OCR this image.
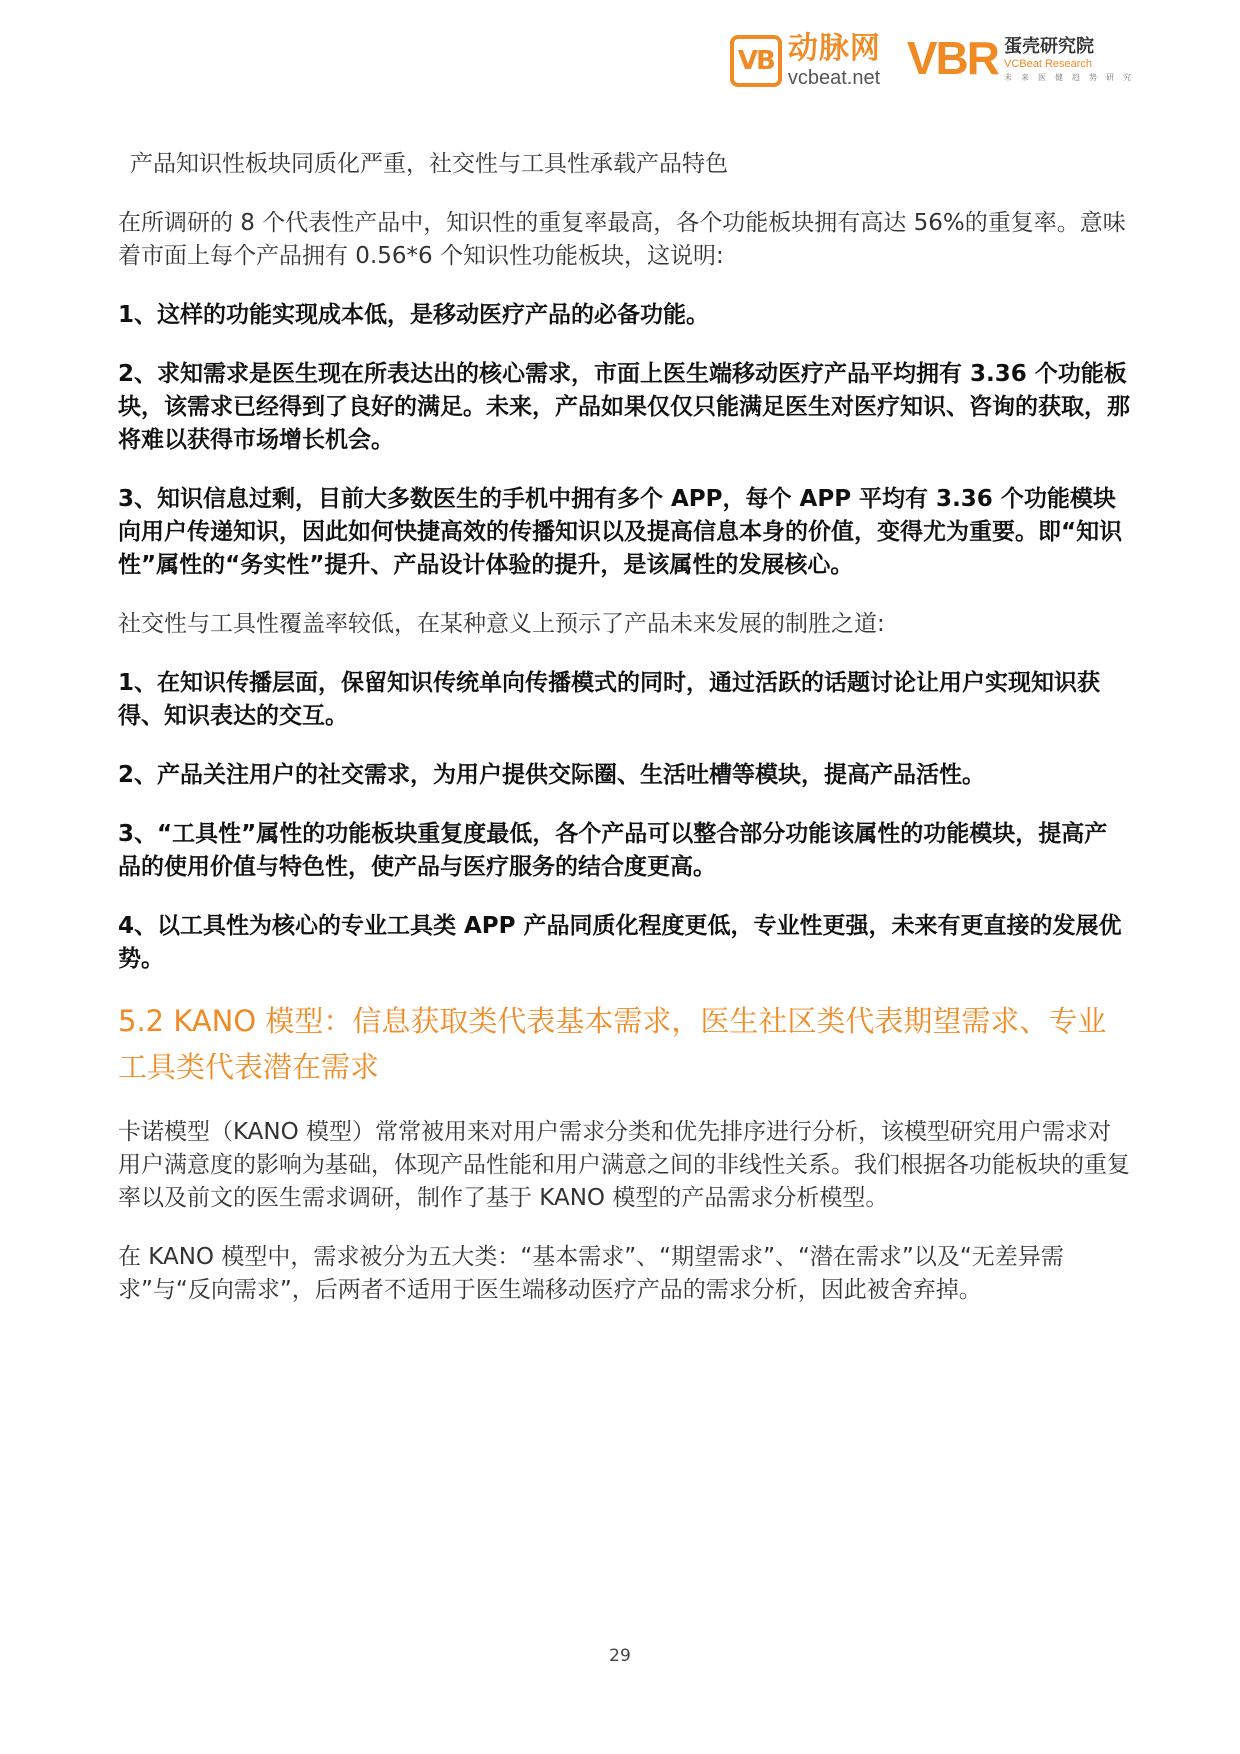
VB 动脉网
vcbeat.net VBR 蛋壳研究院
VCBeat Research
未来医健趋势研究

产品知识性板块同质化严重，社交性与工具性承载产品特色

在所调研的 8 个代表性产品中，知识性的重复率最高，各个功能板块拥有高达 56%的重复率。意味着市面上每个产品拥有 0.56*6 个知识性功能板块，这说明:

1、这样的功能实现成本低，是移动医疗产品的必备功能。

2、求知需求是医生现在所表达出的核心需求，市面上医生端移动医疗产品平均拥有 3.36 个功能板块，该需求已经得到了良好的满足。未来，产品如果仅仅只能满足医生对医疗知识、咨询的获取，那将难以获得市场增长机会。

3、知识信息过剩，目前大多数医生的手机中拥有多个 APP，每个 APP 平均有 3.36 个功能模块向用户传递知识，因此如何快捷高效的传播知识以及提高信息本身的价值，变得尤为重要。即“知识性”属性的“务实性”提升、产品设计体验的提升，是该属性的发展核心。

社交性与工具性覆盖率较低，在某种意义上预示了产品未来发展的制胜之道:

1、在知识传播层面，保留知识传统单向传播模式的同时，通过活跃的话题讨论让用户实现知识获得、知识表达的交互。

2、产品关注用户的社交需求，为用户提供交际圈、生活吐槽等模块，提高产品活性。

3、“工具性”属性的功能板块重复度最低，各个产品可以整合部分功能该属性的功能模块，提高产品的使用价值与特色性，使产品与医疗服务的结合度更高。

4、以工具性为核心的专业工具类 APP 产品同质化程度更低，专业性更强，未来有更直接的发展优势。

5.2 KANO 模型：信息获取类代表基本需求，医生社区类代表期望需求、专业工具类代表潜在需求

卡诺模型（KANO 模型）常常被用来对用户需求分类和优先排序进行分析，该模型研究用户需求对用户满意度的影响为基础，体现产品性能和用户满意之间的非线性关系。我们根据各功能板块的重复率以及前文的医生需求调研，制作了基于 KANO 模型的产品需求分析模型。

在 KANO 模型中，需求被分为五大类：“基本需求”、“期望需求”、“潜在需求”以及“无差异需求”与“反向需求”，后两者不适用于医生端移动医疗产品的需求分析，因此被舍弃掉。

29
